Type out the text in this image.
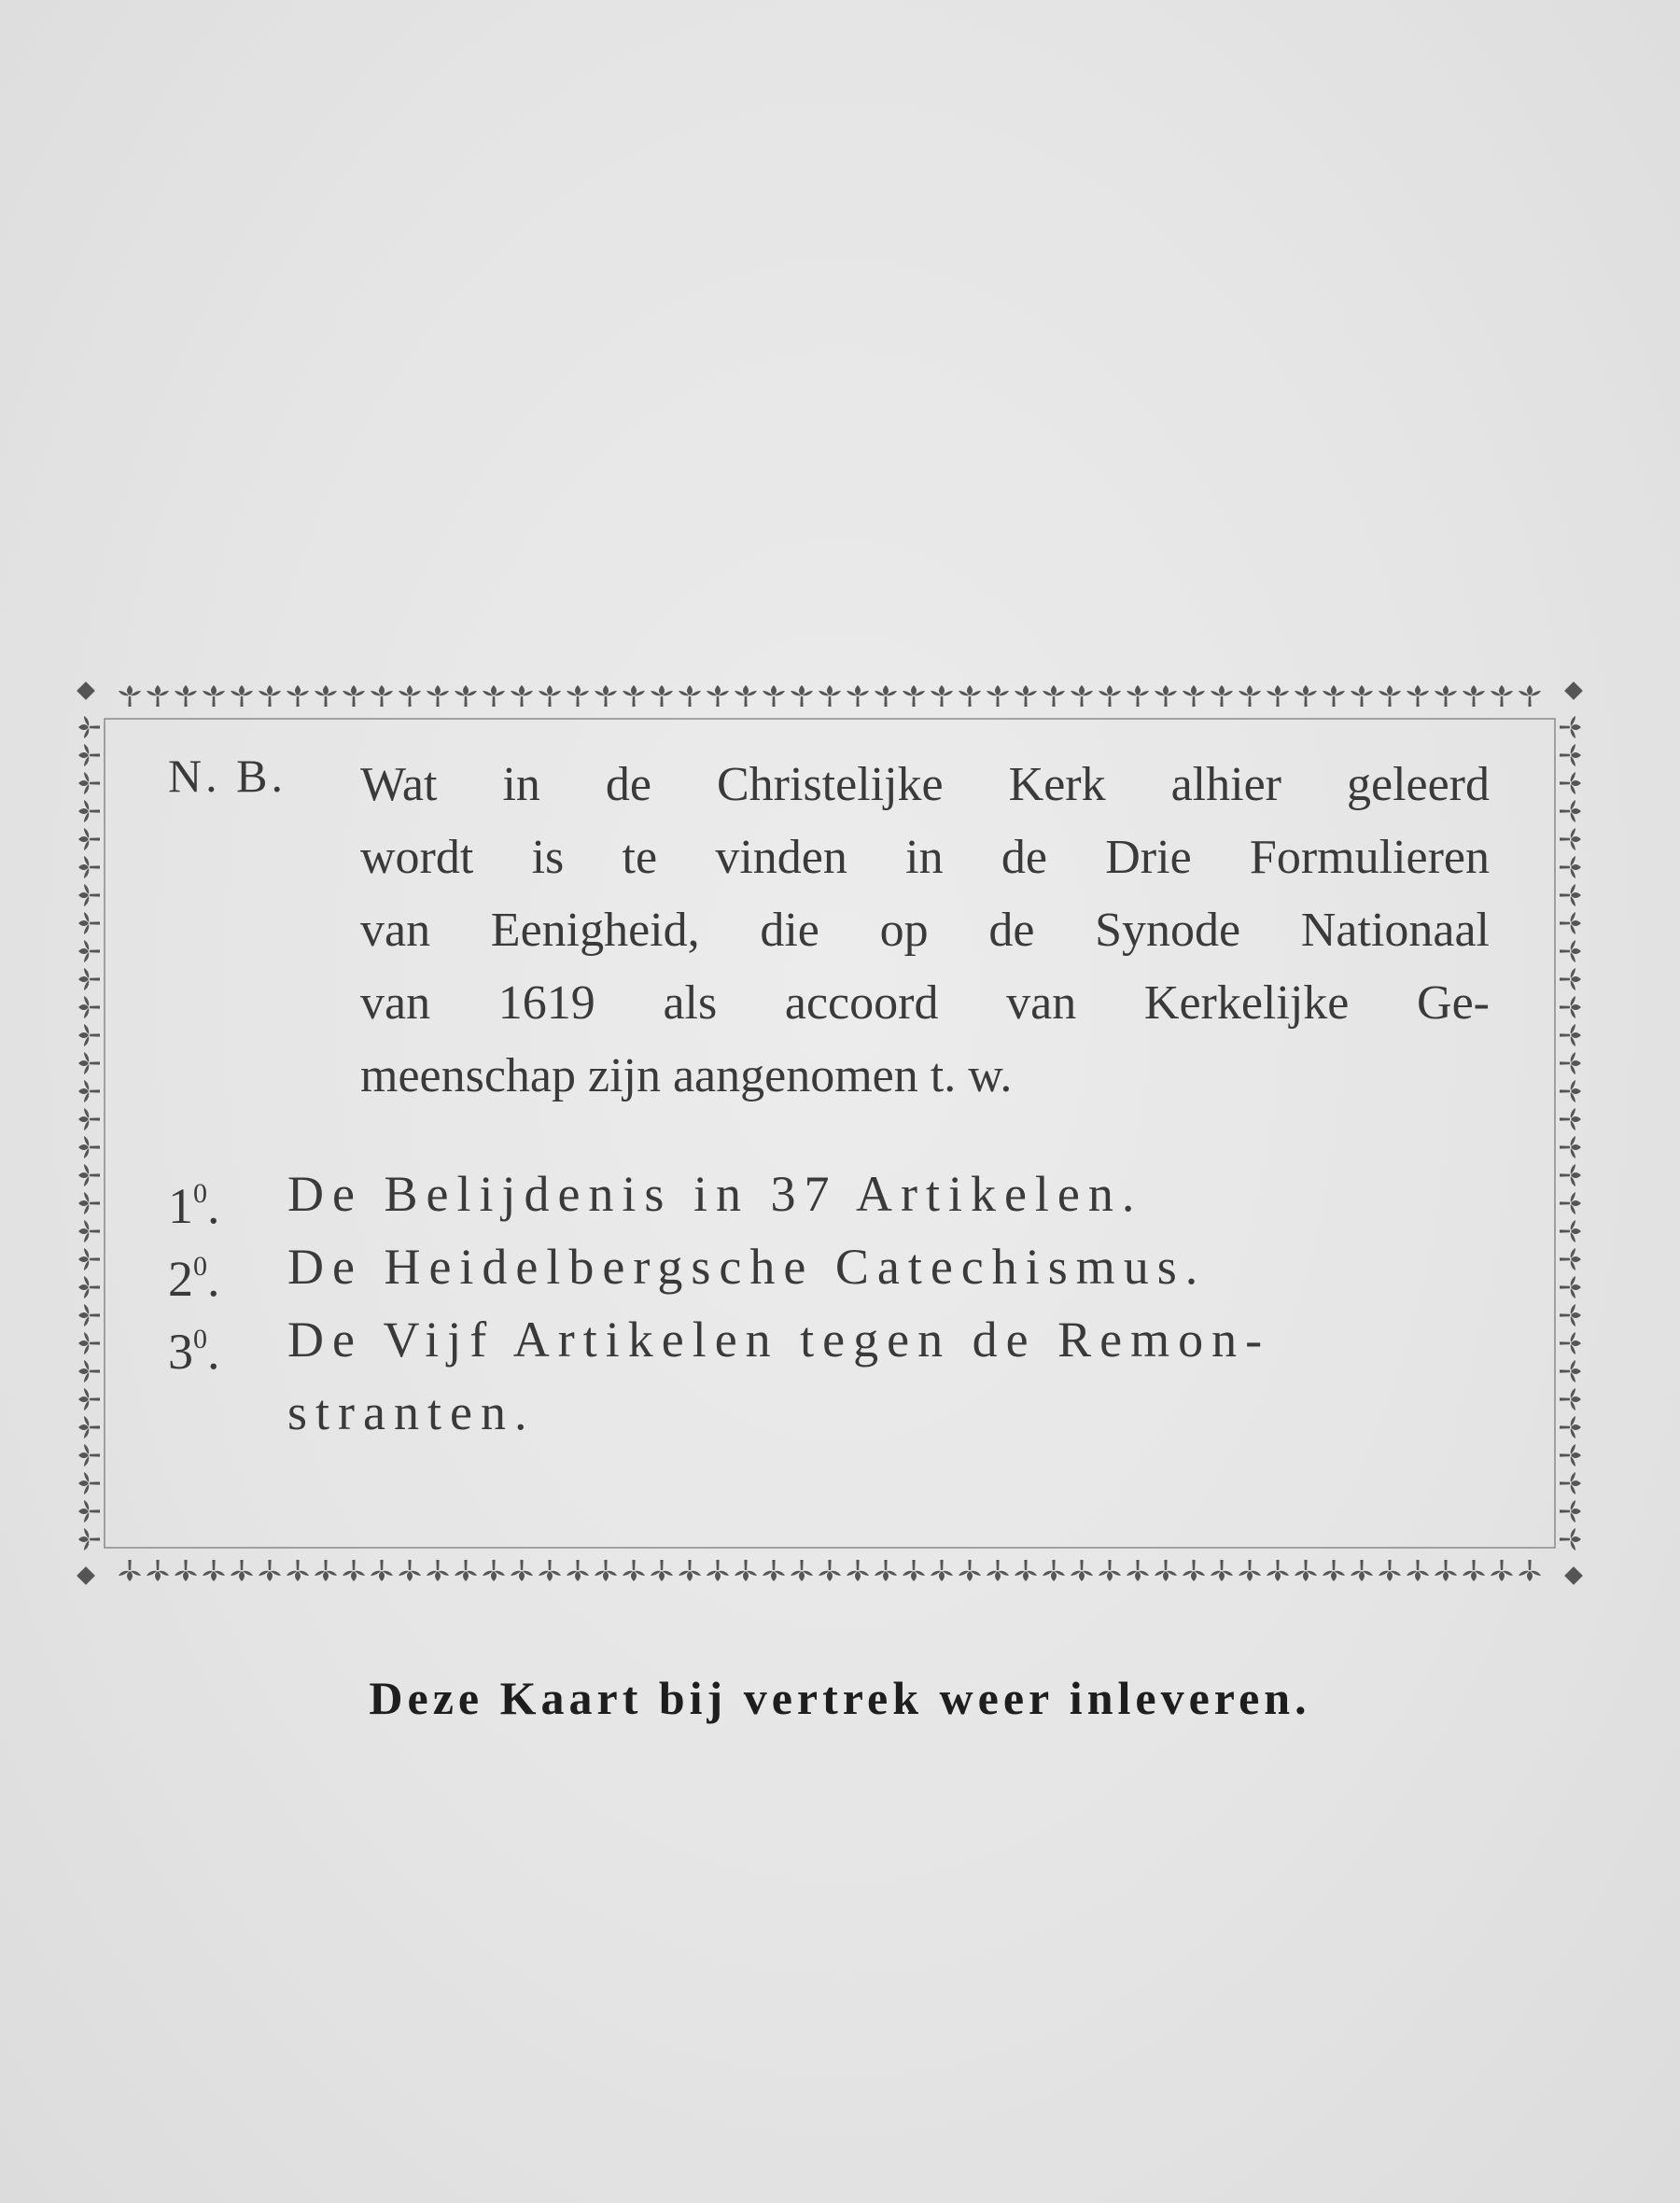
N. B. Wat in de Christelijke Kerk alhier geleerd
wordt is te vinden in de Drie Formulieren
van Eenigheid, die op de Synode Nationaal
van 1619 als accoord van Kerkelijke Ge-
meenschap zijn aangenomen t. w.
$1^0$.	De Belijdenis in 37 Artikelen.
$2^0$.	De Heidelbergsche Catechismus.
$3^0$.	De Vijf Artikelen tegen de Remon-
stranten.
Deze Kaart bij vertrek weer inleveren.
